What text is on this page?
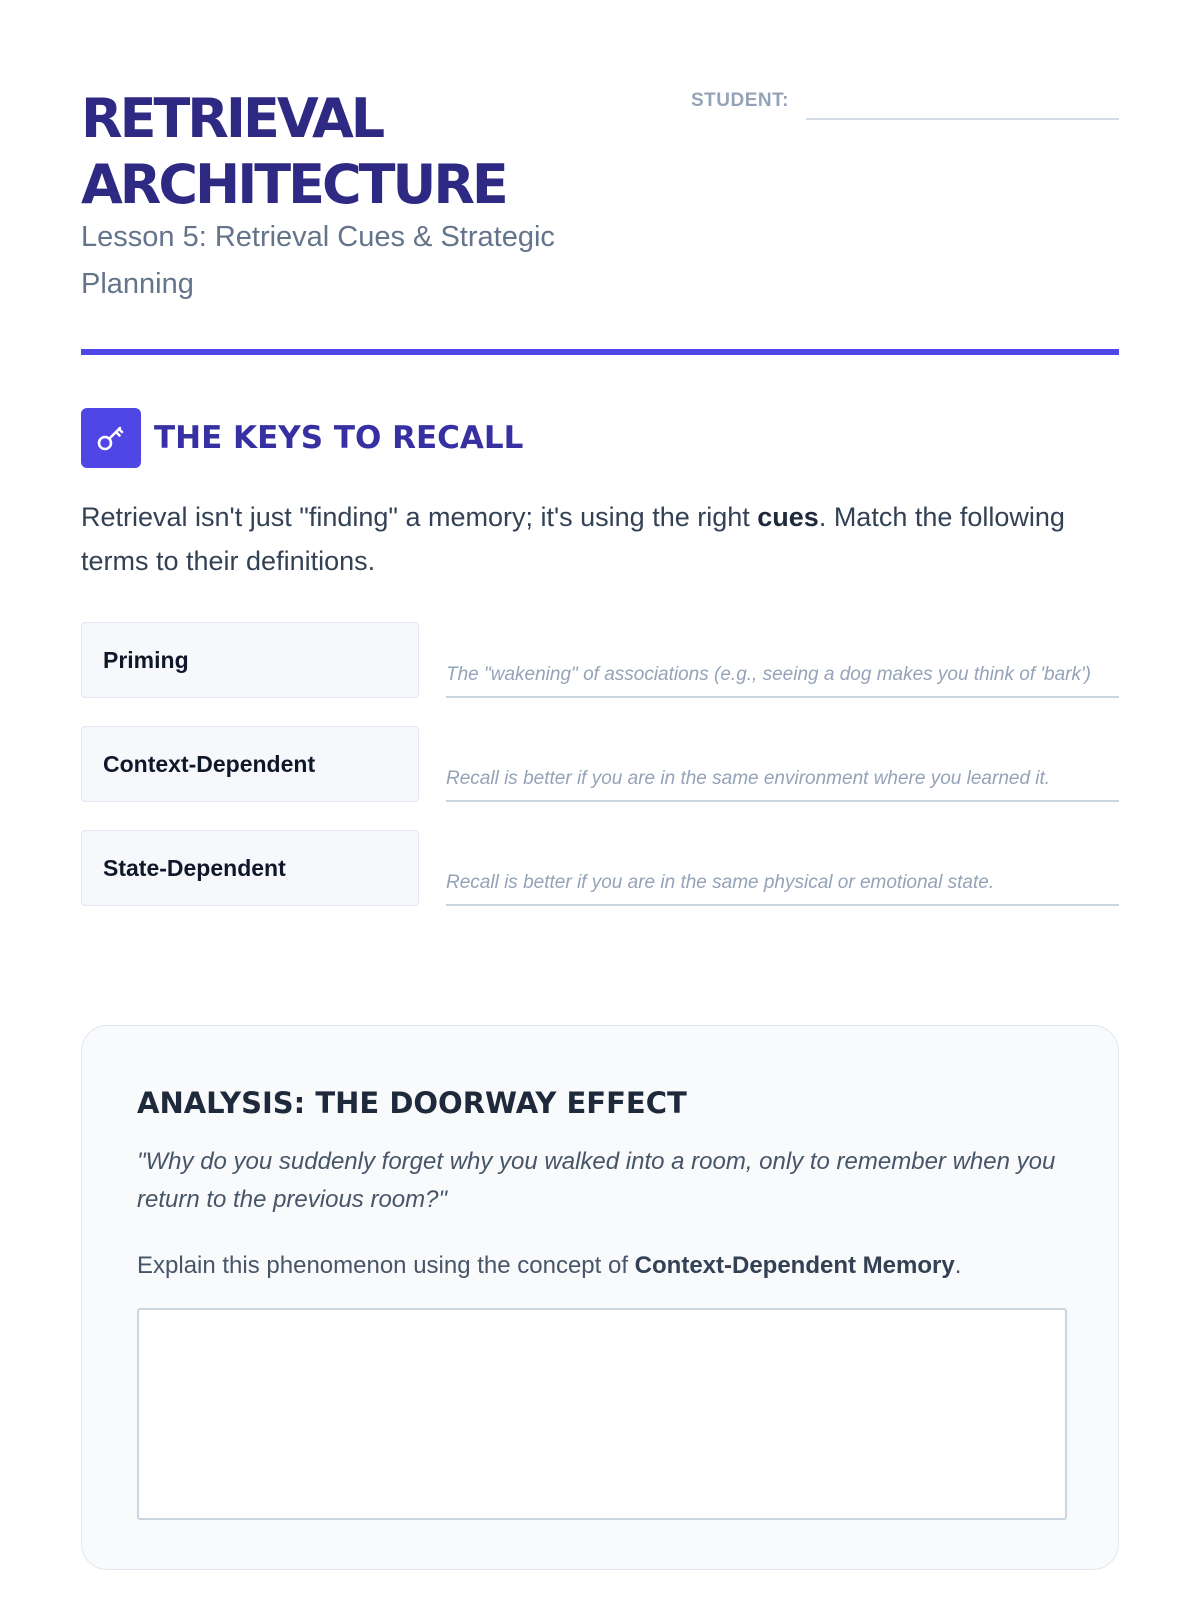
RETRIEVAL ARCHITECTURE
Lesson 5: Retrieval Cues & Strategic Planning
STUDENT:
THE KEYS TO RECALL

Retrieval isn't just "finding" a memory; it's using the right cues. Match the following terms to their definitions.

Priming
The "wakening" of associations (e.g., seeing a dog makes you think of 'bark')
Context-Dependent
Recall is better if you are in the same environment where you learned it.
State-Dependent
Recall is better if you are in the same physical or emotional state.
ANALYSIS: THE DOORWAY EFFECT

"Why do you suddenly forget why you walked into a room, only to remember when you return to the previous room?"

Explain this phenomenon using the concept of Context-Dependent Memory.
